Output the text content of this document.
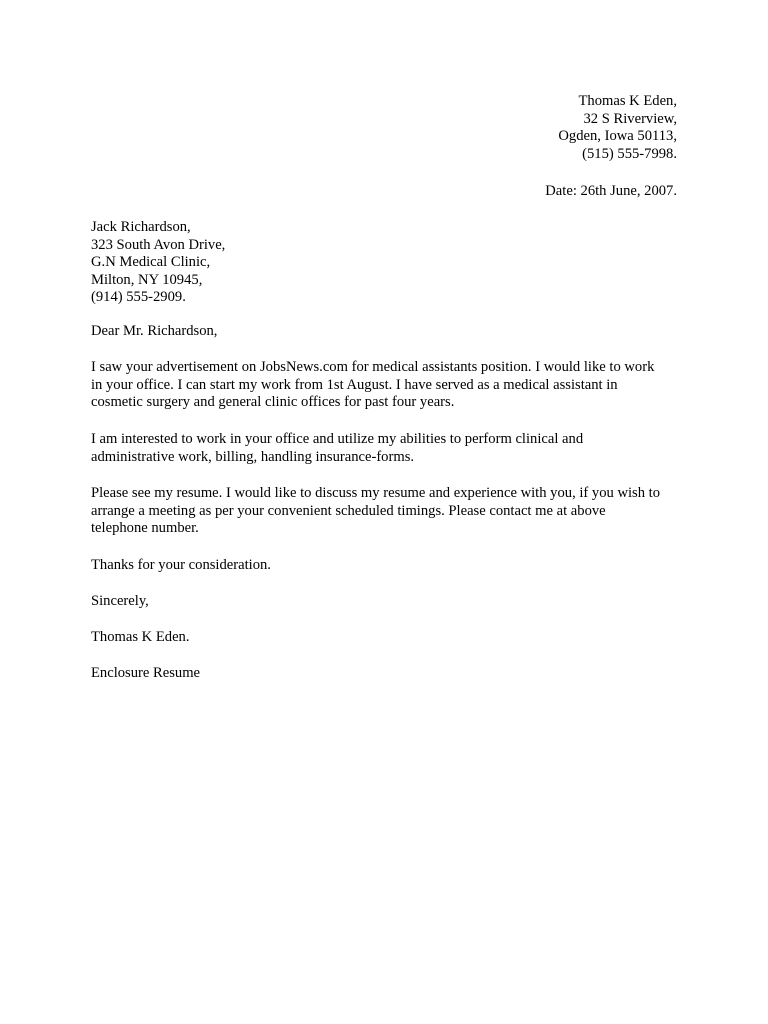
Thomas K Eden,
32 S Riverview,
Ogden, Iowa 50113,
(515) 555-7998.
Date: 26th June, 2007.
Jack Richardson,
323 South Avon Drive,
G.N Medical Clinic,
Milton, NY 10945,
(914) 555-2909.
Dear Mr. Richardson,
I saw your advertisement on JobsNews.com for medical assistants position. I would like to work
in your office. I can start my work from 1st August. I have served as a medical assistant in
cosmetic surgery and general clinic offices for past four years.
I am interested to work in your office and utilize my abilities to perform clinical and
administrative work, billing, handling insurance-forms.
Please see my resume. I would like to discuss my resume and experience with you, if you wish to
arrange a meeting as per your convenient scheduled timings. Please contact me at above
telephone number.
Thanks for your consideration.
Sincerely,
Thomas K Eden.
Enclosure Resume
